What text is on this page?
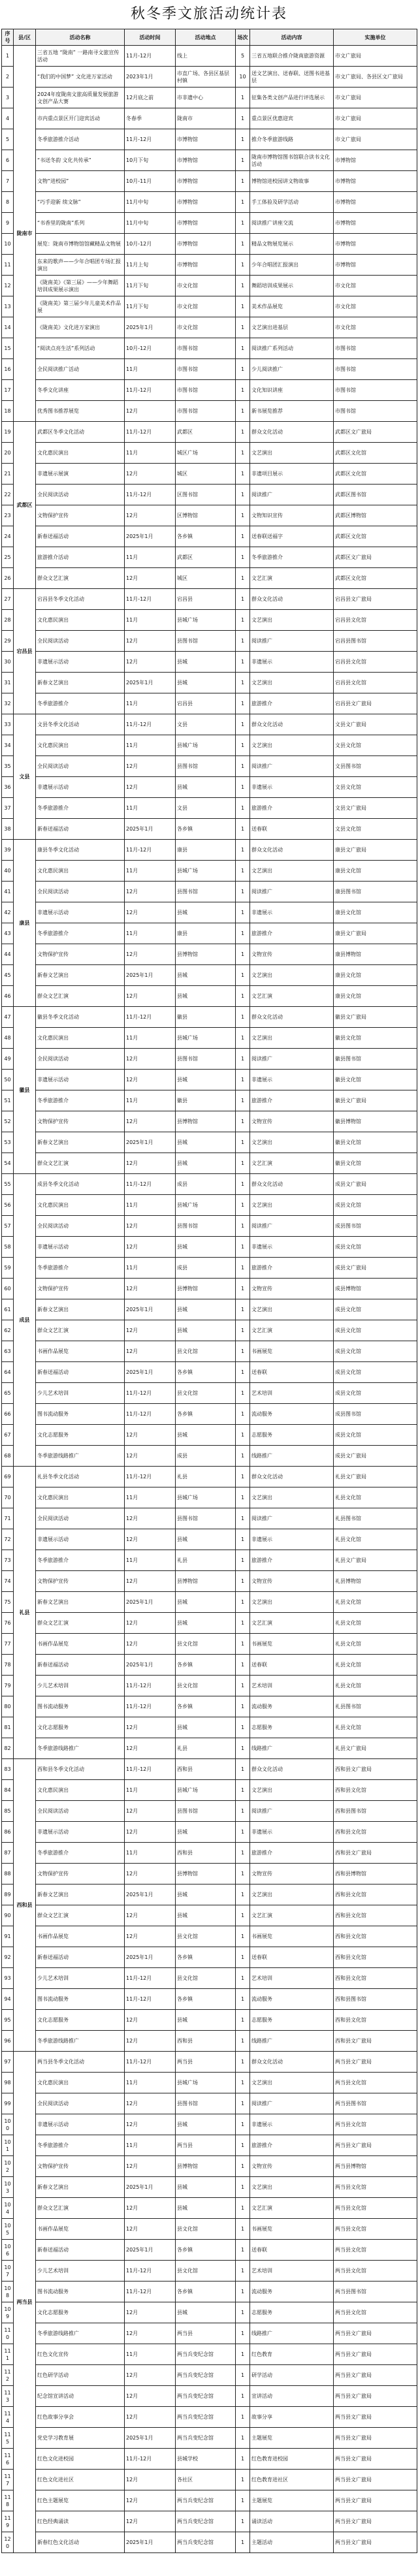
秋冬季文旅活动统计表
序号	县/区	活动名称	活动时间	活动地点	场次	活动内容	实施单位
1	陇南市	三省五地 “陇南” 一路南寻文旅宣传活动	11月-12月	线上	5	三省五地联合推介陇南旅游资源	市文广旅局
2		“我们的中国梦” 文化进万家活动	2023年1月	市直广场、各县区基层村镇	10	送文艺演出、送春联、送图书进基层	市文广旅局、各县区文广旅局
3		2024年度陇南文旅高质量发展旅游文创产品大赛	12月底之前	市非遗中心	1	征集各类文创产品进行评选展示	市文广旅局
4		市内重点景区开门迎宾活动	冬春季	陇南市	1	重点景区优惠迎宾	市文广旅局
5		冬季旅游推介活动	11月-12月	市博物馆	1	推介冬季旅游线路	市文广旅局
6		“书送冬韵 文化共传承”	10月下旬	市博物馆	1	陇南市博物馆图书馆联合读书文化活动	市博物馆
7		文物“进校园”	10月-11月	市博物馆	1	博物馆进校园讲文物故事	市博物馆
8		“巧手迎新 续文脉”	11月中旬	市博物馆	1	手工体验及研学活动	市博物馆
9		“书香里的陇南”系列	11月中旬	市博物馆	1	阅读推广讲座交流	市博物馆
10		展览：陇南市博物馆馆藏精品文物展	10月-12月	市博物馆	1	精品文物展览展示	市博物馆
11		东来的歌声——少年合唱团专场汇报演出	11月上旬	市博物馆	1	少年合唱团汇报演出	市博物馆
12		《陇南美》《第三届》——少年舞蹈培训成果展示演出	11月下旬	市文化馆	1	舞蹈培训成果展示	市文化馆
13		《陇南美》第三届少年儿童美术作品展	11月下旬	市文化馆	1	美术作品展览	市文化馆
14		《陇南美》文化进万家演出	2025年1月	市文化馆	1	文艺演出进基层	市文化馆
15		“阅读点亮生活”系列活动	10月-12月	市图书馆	1	阅读推广系列活动	市图书馆
16		全民阅读推广活动	11月	市图书馆	1	少儿阅读推广	市图书馆
17		冬季文化讲座	11月-12月	市图书馆	1	文化知识讲座	市图书馆
18		优秀图书推荐展览	12月	市图书馆	1	新书展览推荐	市图书馆
19	武都区	武都区冬季文化活动	11月-12月	武都区	1	群众文化活动	武都区文广旅局
20		文化惠民演出	11月	城区广场	1	文艺演出	武都区文化馆
21		非遗展示展演	12月	城区	1	非遗项目展示	武都区文化馆
22		全民阅读活动	11月-12月	区图书馆	1	阅读推广	武都区图书馆
23		文物保护宣传	12月	区博物馆	1	文物知识宣传	武都区博物馆
24		新春送福活动	2025年1月	各乡镇	1	送春联送福字	武都区文化馆
25		旅游推介活动	11月	武都区	1	冬季旅游推介	武都区文广旅局
26		群众文艺汇演	12月	城区	1	文艺汇演	武都区文化馆
27	宕昌县	宕昌县冬季文化活动	11月-12月	宕昌县	1	群众文化活动	宕昌县文广旅局
28		文化惠民演出	11月	县城广场	1	文艺演出	宕昌县文化馆
29		全民阅读活动	12月	县图书馆	1	阅读推广	宕昌县图书馆
30		非遗展示活动	12月	县城	1	非遗展示	宕昌县文化馆
31		新春文艺演出	2025年1月	县城	1	文艺演出	宕昌县文化馆
32		冬季旅游推介	11月	宕昌县	1	旅游推介	宕昌县文广旅局
33	文县	文县冬季文化活动	11月-12月	文县	1	群众文化活动	文县文广旅局
34		文化惠民演出	11月	县城广场	1	文艺演出	文县文化馆
35		全民阅读活动	12月	县图书馆	1	阅读推广	文县图书馆
36		非遗展示活动	12月	县城	1	非遗展示	文县文化馆
37		冬季旅游推介	11月	文县	1	旅游推介	文县文广旅局
38		新春送福活动	2025年1月	各乡镇	1	送春联	文县文化馆
39	康县	康县冬季文化活动	11月-12月	康县	1	群众文化活动	康县文广旅局
40		文化惠民演出	11月	县城广场	1	文艺演出	康县文化馆
41		全民阅读活动	12月	县图书馆	1	阅读推广	康县图书馆
42		非遗展示活动	12月	县城	1	非遗展示	康县文化馆
43		冬季旅游推介	11月	康县	1	旅游推介	康县文广旅局
44		文物保护宣传	12月	县博物馆	1	文物宣传	康县博物馆
45		新春文艺演出	2025年1月	县城	1	文艺演出	康县文化馆
46		群众文艺汇演	12月	县城	1	文艺汇演	康县文化馆
47	徽县	徽县冬季文化活动	11月-12月	徽县	1	群众文化活动	徽县文广旅局
48		文化惠民演出	11月	县城广场	1	文艺演出	徽县文化馆
49		全民阅读活动	12月	县图书馆	1	阅读推广	徽县图书馆
50		非遗展示活动	12月	县城	1	非遗展示	徽县文化馆
51		冬季旅游推介	11月	徽县	1	旅游推介	徽县文广旅局
52		文物保护宣传	12月	县博物馆	1	文物宣传	徽县博物馆
53		新春文艺演出	2025年1月	县城	1	文艺演出	徽县文化馆
54		群众文艺汇演	12月	县城	1	文艺汇演	徽县文化馆
55	成县	成县冬季文化活动	11月-12月	成县	1	群众文化活动	成县文广旅局
56		文化惠民演出	11月	县城广场	1	文艺演出	成县文化馆
57		全民阅读活动	12月	县图书馆	1	阅读推广	成县图书馆
58		非遗展示活动	12月	县城	1	非遗展示	成县文化馆
59		冬季旅游推介	11月	成县	1	旅游推介	成县文广旅局
60		文物保护宣传	12月	县博物馆	1	文物宣传	成县博物馆
61		新春文艺演出	2025年1月	县城	1	文艺演出	成县文化馆
62		群众文艺汇演	12月	县城	1	文艺汇演	成县文化馆
63		书画作品展览	12月	县文化馆	1	书画展览	成县文化馆
64		新春送福活动	2025年1月	各乡镇	1	送春联	成县文化馆
65		少儿艺术培训	11月-12月	县文化馆	1	艺术培训	成县文化馆
66		图书流动服务	11月-12月	各乡镇	1	流动服务	成县图书馆
67		文化志愿服务	12月	县城	1	志愿服务	成县文化馆
68		冬季旅游线路推广	12月	成县	1	线路推广	成县文广旅局
69	礼县	礼县冬季文化活动	11月-12月	礼县	1	群众文化活动	礼县文广旅局
70		文化惠民演出	11月	县城广场	1	文艺演出	礼县文化馆
71		全民阅读活动	12月	县图书馆	1	阅读推广	礼县图书馆
72		非遗展示活动	12月	县城	1	非遗展示	礼县文化馆
73		冬季旅游推介	11月	礼县	1	旅游推介	礼县文广旅局
74		文物保护宣传	12月	县博物馆	1	文物宣传	礼县博物馆
75		新春文艺演出	2025年1月	县城	1	文艺演出	礼县文化馆
76		群众文艺汇演	12月	县城	1	文艺汇演	礼县文化馆
77		书画作品展览	12月	县文化馆	1	书画展览	礼县文化馆
78		新春送福活动	2025年1月	各乡镇	1	送春联	礼县文化馆
79		少儿艺术培训	11月-12月	县文化馆	1	艺术培训	礼县文化馆
80		图书流动服务	11月-12月	各乡镇	1	流动服务	礼县图书馆
81		文化志愿服务	12月	县城	1	志愿服务	礼县文化馆
82		冬季旅游线路推广	12月	礼县	1	线路推广	礼县文广旅局
83	西和县	西和县冬季文化活动	11月-12月	西和县	1	群众文化活动	西和县文广旅局
84		文化惠民演出	11月	县城广场	1	文艺演出	西和县文化馆
85		全民阅读活动	12月	县图书馆	1	阅读推广	西和县图书馆
86		非遗展示活动	12月	县城	1	非遗展示	西和县文化馆
87		冬季旅游推介	11月	西和县	1	旅游推介	西和县文广旅局
88		文物保护宣传	12月	县博物馆	1	文物宣传	西和县博物馆
89		新春文艺演出	2025年1月	县城	1	文艺演出	西和县文化馆
90		群众文艺汇演	12月	县城	1	文艺汇演	西和县文化馆
91		书画作品展览	12月	县文化馆	1	书画展览	西和县文化馆
92		新春送福活动	2025年1月	各乡镇	1	送春联	西和县文化馆
93		少儿艺术培训	11月-12月	县文化馆	1	艺术培训	西和县文化馆
94		图书流动服务	11月-12月	各乡镇	1	流动服务	西和县图书馆
95		文化志愿服务	12月	县城	1	志愿服务	西和县文化馆
96		冬季旅游线路推广	12月	西和县	1	线路推广	西和县文广旅局
97	两当县	两当县冬季文化活动	11月-12月	两当县	1	群众文化活动	两当县文广旅局
98		文化惠民演出	11月	县城广场	1	文艺演出	两当县文化馆
99		全民阅读活动	12月	县图书馆	1	阅读推广	两当县图书馆
100		非遗展示活动	12月	县城	1	非遗展示	两当县文化馆
101		冬季旅游推介	11月	两当县	1	旅游推介	两当县文广旅局
102		文物保护宣传	12月	县博物馆	1	文物宣传	两当县博物馆
103		新春文艺演出	2025年1月	县城	1	文艺演出	两当县文化馆
104		群众文艺汇演	12月	县城	1	文艺汇演	两当县文化馆
105		书画作品展览	12月	县文化馆	1	书画展览	两当县文化馆
106		新春送福活动	2025年1月	各乡镇	1	送春联	两当县文化馆
107		少儿艺术培训	11月-12月	县文化馆	1	艺术培训	两当县文化馆
108		图书流动服务	11月-12月	各乡镇	1	流动服务	两当县图书馆
109		文化志愿服务	12月	县城	1	志愿服务	两当县文化馆
110		冬季旅游线路推广	12月	两当县	1	线路推广	两当县文广旅局
111		红色文化宣传	11月	两当兵变纪念馆	1	红色教育	两当县文广旅局
112		红色研学活动	12月	两当兵变纪念馆	1	研学活动	两当县文广旅局
113		纪念馆宣讲活动	12月	两当兵变纪念馆	1	宣讲活动	两当县文广旅局
114		红色故事分享会	12月	两当兵变纪念馆	1	故事分享	两当县文广旅局
115		党史学习教育展	2025年1月	两当兵变纪念馆	1	主题展览	两当县文广旅局
116		红色文化进校园	11月-12月	县城学校	1	红色教育进校园	两当县文广旅局
117		红色文化进社区	12月	各社区	1	红色教育进社区	两当县文广旅局
118		红色主题展览	12月	两当兵变纪念馆	1	主题展览	两当县文广旅局
119		红色经典诵读	12月	两当兵变纪念馆	1	诵读活动	两当县文广旅局
120		新春红色文化活动	2025年1月	两当兵变纪念馆	1	主题活动	两当县文广旅局
